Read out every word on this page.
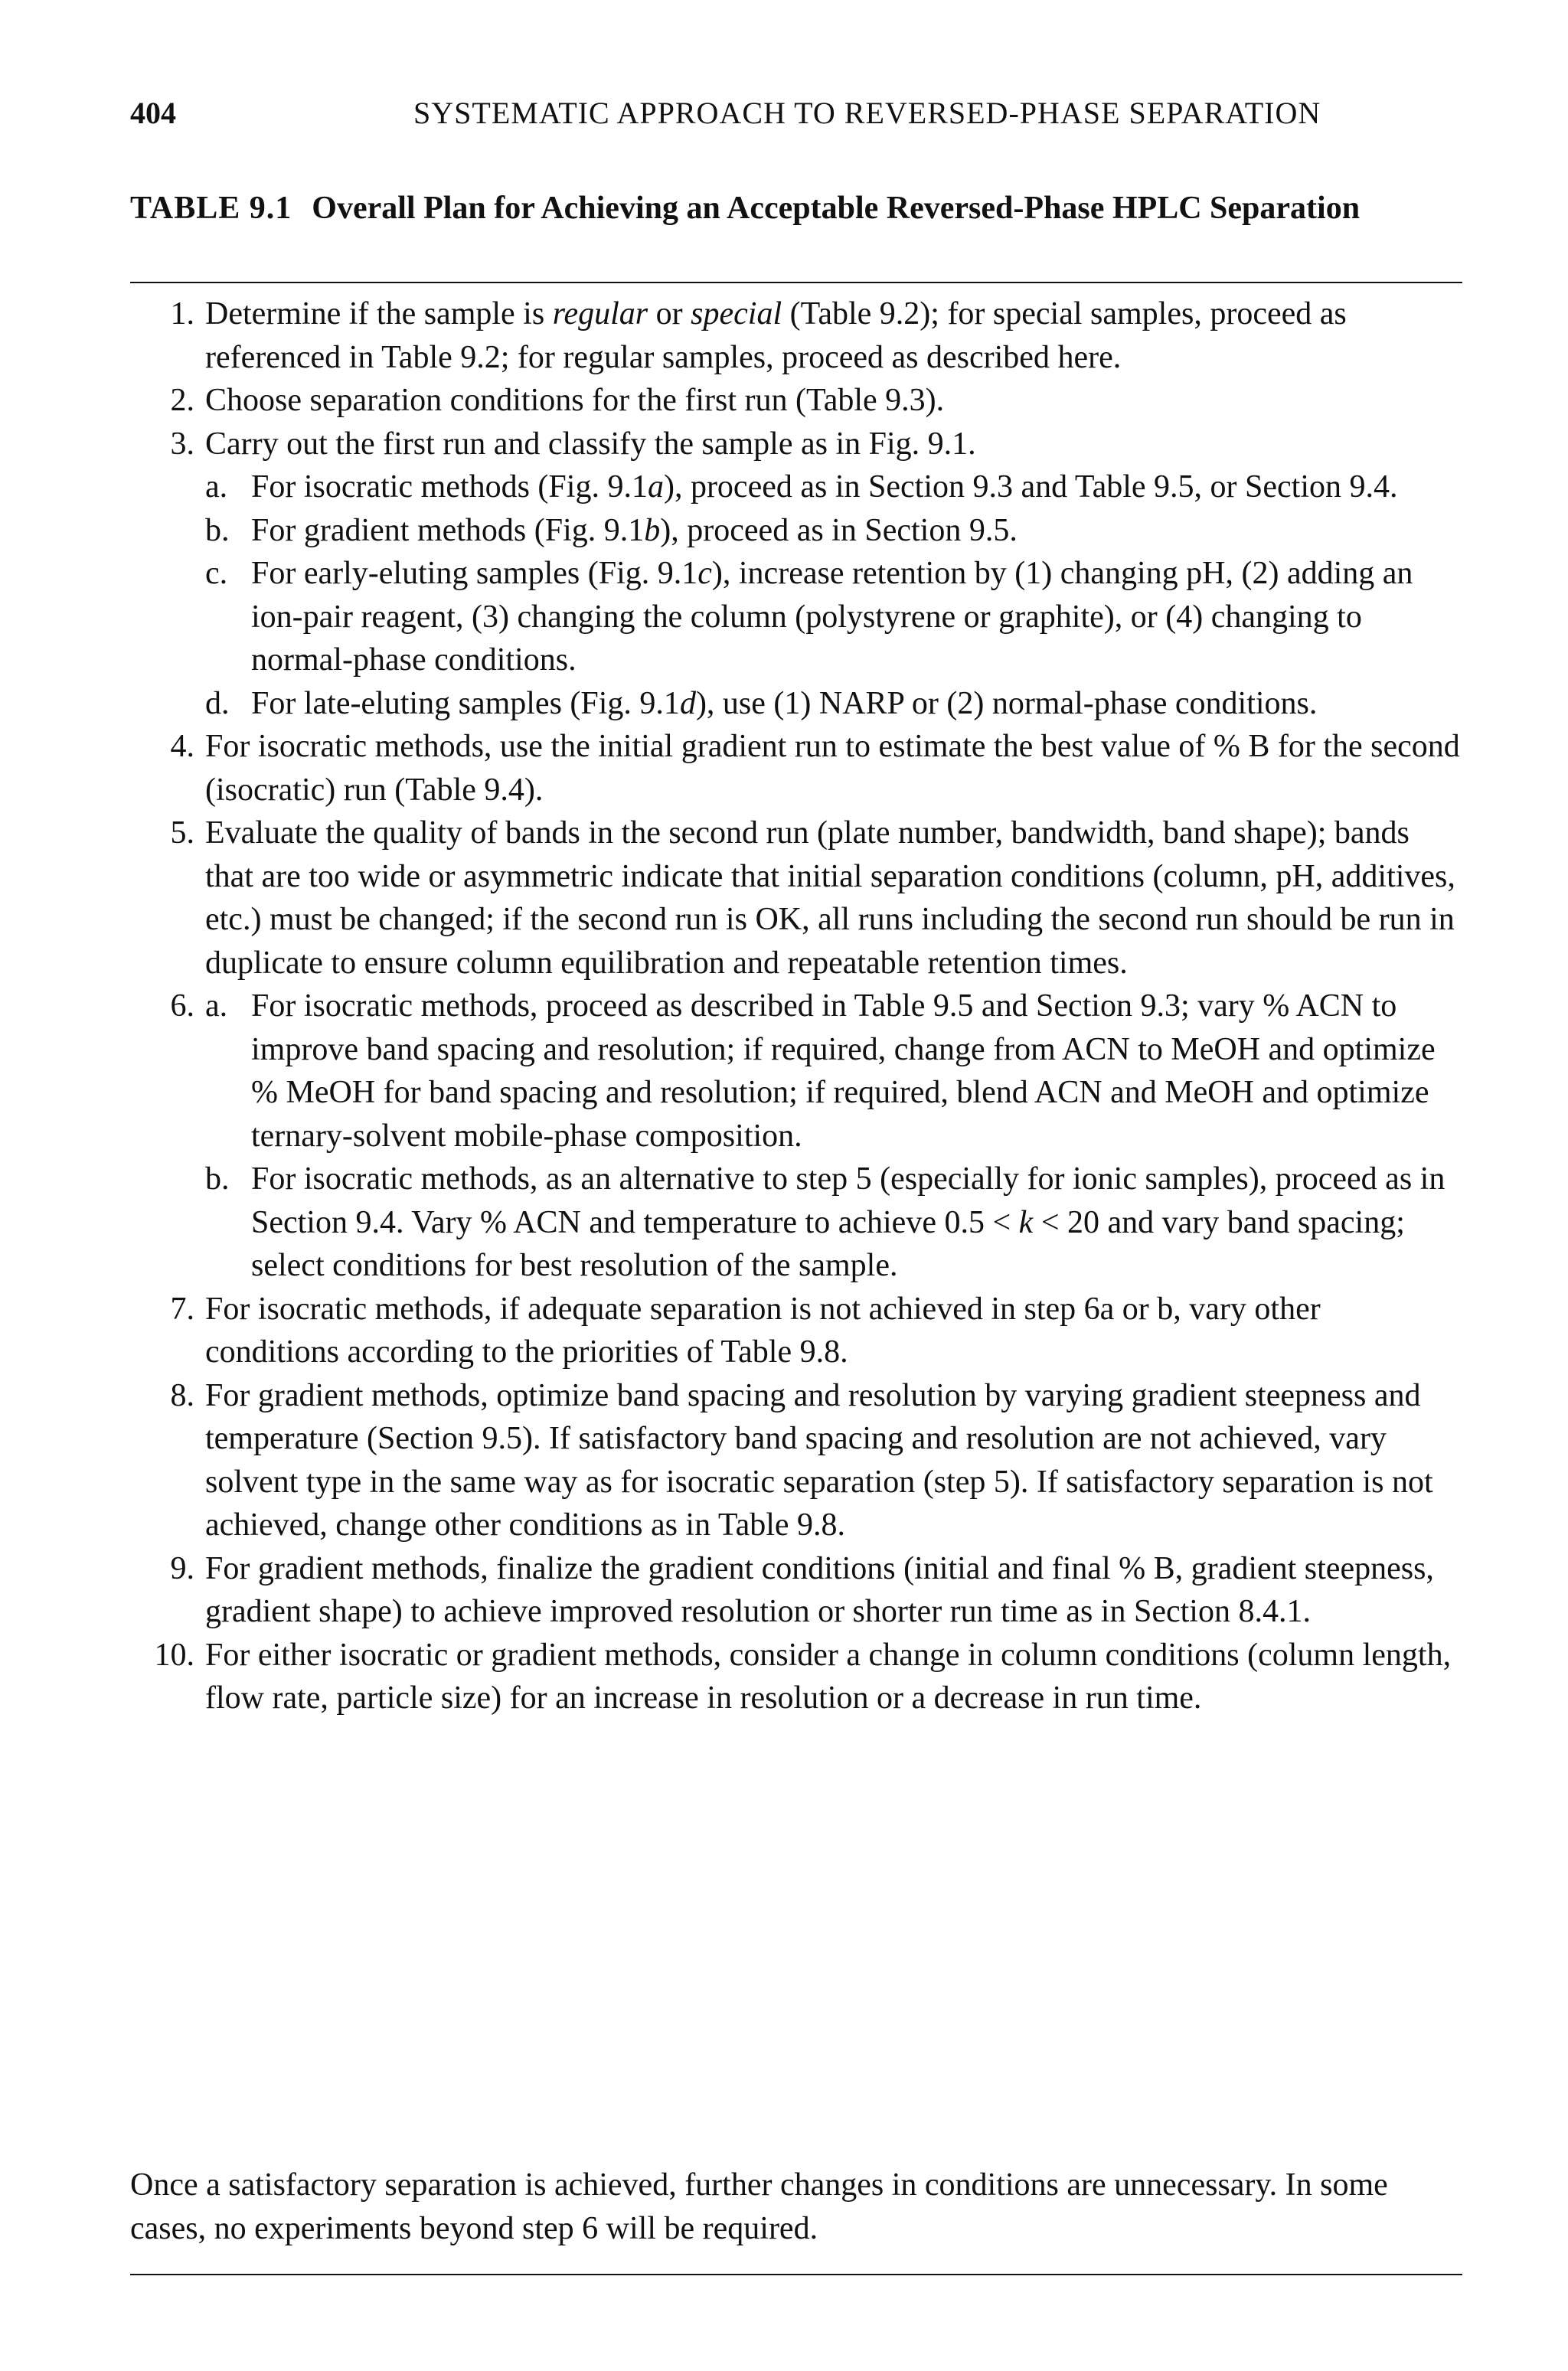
404	SYSTEMATIC APPROACH TO REVERSED-PHASE SEPARATION
TABLE 9.1 Overall Plan for Achieving an Acceptable Reversed-Phase HPLC Separation
1. Determine if the sample is regular or special (Table 9.2); for special samples, proceed as referenced in Table 9.2; for regular samples, proceed as described here.
2. Choose separation conditions for the first run (Table 9.3).
3. Carry out the first run and classify the sample as in Fig. 9.1.
a. For isocratic methods (Fig. 9.1a), proceed as in Section 9.3 and Table 9.5, or Section 9.4.
b. For gradient methods (Fig. 9.1b), proceed as in Section 9.5.
c. For early-eluting samples (Fig. 9.1c), increase retention by (1) changing pH, (2) adding an ion-pair reagent, (3) changing the column (polystyrene or graphite), or (4) changing to normal-phase conditions.
d. For late-eluting samples (Fig. 9.1d), use (1) NARP or (2) normal-phase conditions.
4. For isocratic methods, use the initial gradient run to estimate the best value of % B for the second (isocratic) run (Table 9.4).
5. Evaluate the quality of bands in the second run (plate number, bandwidth, band shape); bands that are too wide or asymmetric indicate that initial separation conditions (column, pH, additives, etc.) must be changed; if the second run is OK, all runs including the second run should be run in duplicate to ensure column equilibration and repeatable retention times.
6. a. For isocratic methods, proceed as described in Table 9.5 and Section 9.3; vary % ACN to improve band spacing and resolution; if required, change from ACN to MeOH and optimize % MeOH for band spacing and resolution; if required, blend ACN and MeOH and optimize ternary-solvent mobile-phase composition.
b. For isocratic methods, as an alternative to step 5 (especially for ionic samples), proceed as in Section 9.4. Vary % ACN and temperature to achieve 0.5 < k < 20 and vary band spacing; select conditions for best resolution of the sample.
7. For isocratic methods, if adequate separation is not achieved in step 6a or b, vary other conditions according to the priorities of Table 9.8.
8. For gradient methods, optimize band spacing and resolution by varying gradient steepness and temperature (Section 9.5). If satisfactory band spacing and resolution are not achieved, vary solvent type in the same way as for isocratic separation (step 5). If satisfactory separation is not achieved, change other conditions as in Table 9.8.
9. For gradient methods, finalize the gradient conditions (initial and final % B, gradient steepness, gradient shape) to achieve improved resolution or shorter run time as in Section 8.4.1.
10. For either isocratic or gradient methods, consider a change in column conditions (column length, flow rate, particle size) for an increase in resolution or a decrease in run time.
Once a satisfactory separation is achieved, further changes in conditions are unnecessary. In some cases, no experiments beyond step 6 will be required.
